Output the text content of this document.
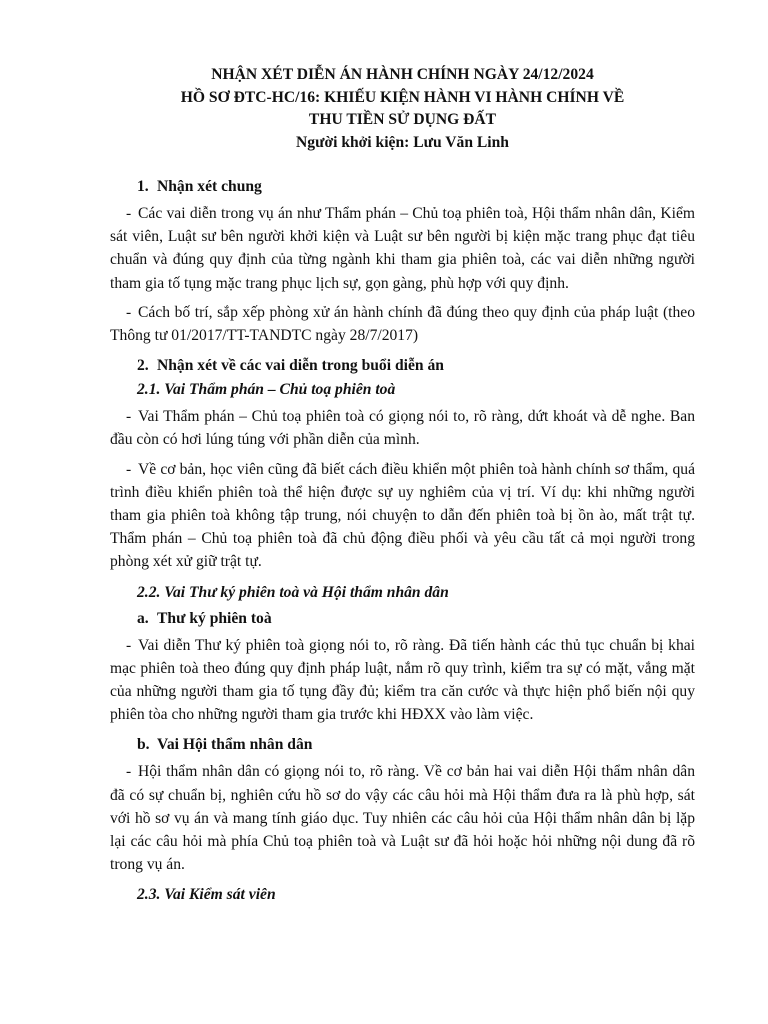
NHẬN XÉT DIỄN ÁN HÀNH CHÍNH NGÀY 24/12/2024
HỒ SƠ ĐTC-HC/16: KHIẾU KIỆN HÀNH VI HÀNH CHÍNH VỀ
THU TIỀN SỬ DỤNG ĐẤT
Người khởi kiện: Lưu Văn Linh
1. Nhận xét chung

- Các vai diễn trong vụ án như Thẩm phán – Chủ toạ phiên toà, Hội thẩm nhân dân, Kiểm sát viên, Luật sư bên người khởi kiện và Luật sư bên người bị kiện mặc trang phục đạt tiêu chuẩn và đúng quy định của từng ngành khi tham gia phiên toà, các vai diễn những người tham gia tố tụng mặc trang phục lịch sự, gọn gàng, phù hợp với quy định.

- Cách bố trí, sắp xếp phòng xử án hành chính đã đúng theo quy định của pháp luật (theo Thông tư 01/2017/TT-TANDTC ngày 28/7/2017)

2. Nhận xét về các vai diễn trong buổi diễn án
2.1. Vai Thẩm phán – Chủ toạ phiên toà

- Vai Thẩm phán – Chủ toạ phiên toà có giọng nói to, rõ ràng, dứt khoát và dễ nghe. Ban đầu còn có hơi lúng túng với phần diễn của mình.

- Về cơ bản, học viên cũng đã biết cách điều khiển một phiên toà hành chính sơ thẩm, quá trình điều khiển phiên toà thể hiện được sự uy nghiêm của vị trí. Ví dụ: khi những người tham gia phiên toà không tập trung, nói chuyện to dẫn đến phiên toà bị ồn ào, mất trật tự. Thẩm phán – Chủ toạ phiên toà đã chủ động điều phối và yêu cầu tất cả mọi người trong phòng xét xử giữ trật tự.

2.2. Vai Thư ký phiên toà và Hội thẩm nhân dân
a. Thư ký phiên toà

- Vai diễn Thư ký phiên toà giọng nói to, rõ ràng. Đã tiến hành các thủ tục chuẩn bị khai mạc phiên toà theo đúng quy định pháp luật, nắm rõ quy trình, kiểm tra sự có mặt, vắng mặt của những người tham gia tố tụng đầy đủ; kiểm tra căn cước và thực hiện phổ biến nội quy phiên tòa cho những người tham gia trước khi HĐXX vào làm việc.

b. Vai Hội thẩm nhân dân

- Hội thẩm nhân dân có giọng nói to, rõ ràng. Về cơ bản hai vai diễn Hội thẩm nhân dân đã có sự chuẩn bị, nghiên cứu hồ sơ do vậy các câu hỏi mà Hội thẩm đưa ra là phù hợp, sát với hồ sơ vụ án và mang tính giáo dục. Tuy nhiên các câu hỏi của Hội thẩm nhân dân bị lặp lại các câu hỏi mà phía Chủ toạ phiên toà và Luật sư đã hỏi hoặc hỏi những nội dung đã rõ trong vụ án.

2.3. Vai Kiểm sát viên
